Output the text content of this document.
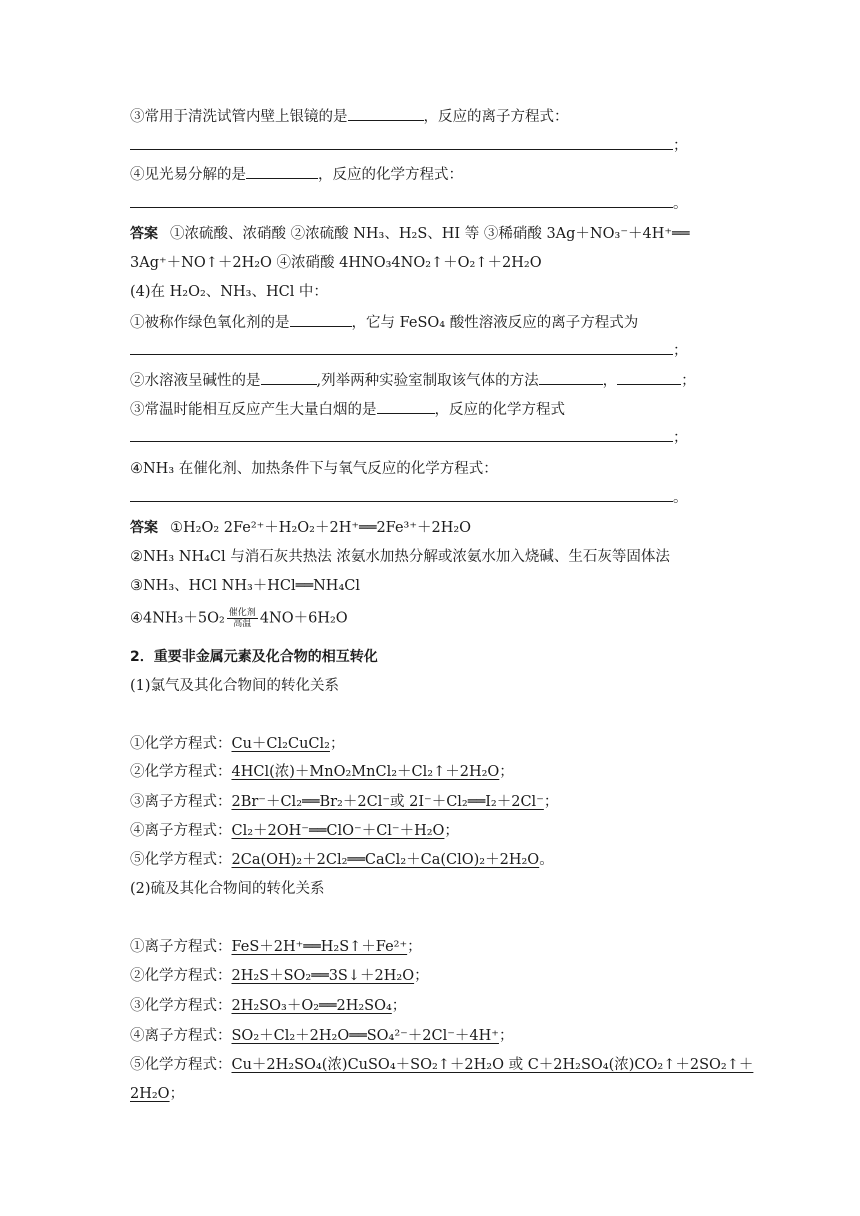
③常用于清洗试管内壁上银镜的是	，反应的离子方程式：
；
④见光易分解的是	，反应的化学方程式：
。
答案 ①浓硫酸、浓硝酸 ②浓硫酸 NH₃、H₂S、HI 等 ③稀硝酸 3Ag＋NO₃⁻＋4H⁺══
3Ag⁺＋NO↑＋2H₂O ④浓硝酸 4HNO₃4NO₂↑＋O₂↑＋2H₂O
(4)在 H₂O₂、NH₃、HCl 中：
①被称作绿色氧化剂的是	，它与 FeSO₄ 酸性溶液反应的离子方程式为
；
②水溶液呈碱性的是	,列举两种实验室制取该气体的方法	，	；
③常温时能相互反应产生大量白烟的是	，反应的化学方程式
；
④NH₃ 在催化剂、加热条件下与氧气反应的化学方程式：
。
答案 ①H₂O₂ 2Fe²⁺＋H₂O₂＋2H⁺══2Fe³⁺＋2H₂O
②NH₃ NH₄Cl 与消石灰共热法 浓氨水加热分解或浓氨水加入烧碱、生石灰等固体法
③NH₃、HCl NH₃＋HCl══NH₄Cl
④4NH₃＋5O₂ $\frac{\text{催化剂}}{\text{高温}} 4NO+6H_2O$
2．重要非金属元素及化合物的相互转化
(1)氯气及其化合物间的转化关系
①化学方程式：Cu＋Cl₂CuCl₂；
②化学方程式：4HCl(浓)＋MnO₂MnCl₂＋Cl₂↑＋2H₂O；
③离子方程式：2Br⁻＋Cl₂══Br₂＋2Cl⁻或 2I⁻＋Cl₂══I₂＋2Cl⁻；
④离子方程式：Cl₂＋2OH⁻══ClO⁻＋Cl⁻＋H₂O；
⑤化学方程式：2Ca(OH)₂＋2Cl₂══CaCl₂＋Ca(ClO)₂＋2H₂O。
(2)硫及其化合物间的转化关系
①离子方程式：FeS＋2H⁺══H₂S↑＋Fe²⁺；
②化学方程式：2H₂S＋SO₂══3S↓＋2H₂O；
③化学方程式：2H₂SO₃＋O₂══2H₂SO₄；
④离子方程式：SO₂＋Cl₂＋2H₂O══SO₄²⁻＋2Cl⁻＋4H⁺；
⑤化学方程式：Cu＋2H₂SO₄(浓)CuSO₄＋SO₂↑＋2H₂O 或 C＋2H₂SO₄(浓)CO₂↑＋2SO₂↑＋
2H₂O；
